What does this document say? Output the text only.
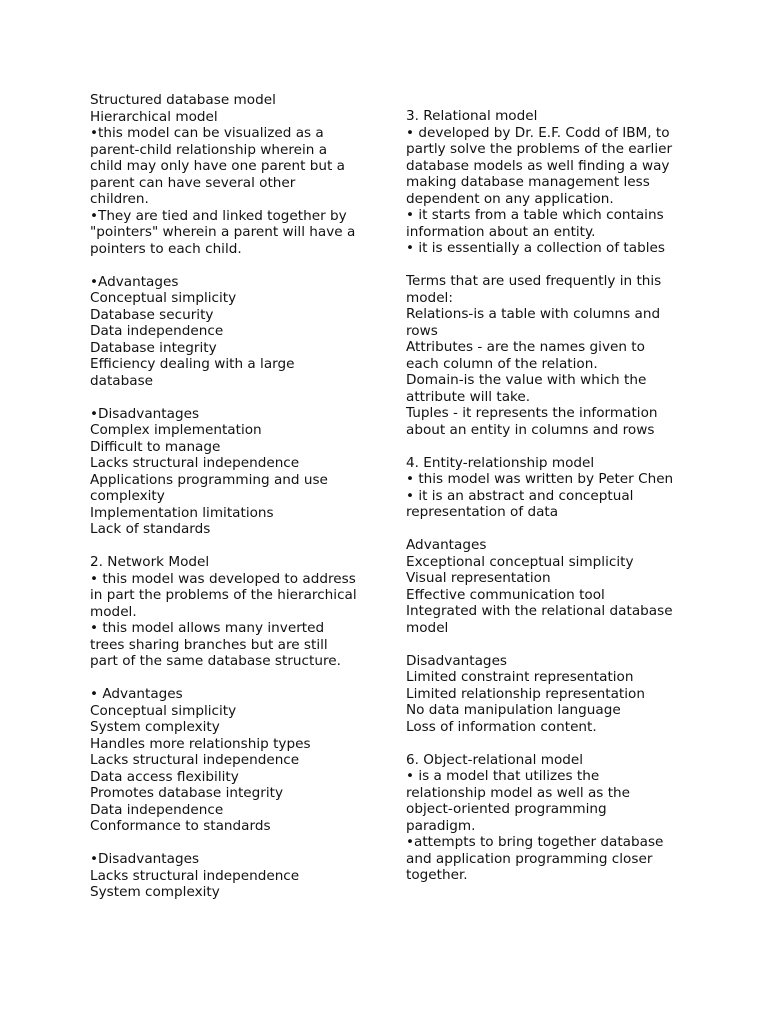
Structured database model
Hierarchical model
•this model can be visualized as a
parent-child relationship wherein a
child may only have one parent but a
parent can have several other
children.
•They are tied and linked together by
"pointers" wherein a parent will have a
pointers to each child.
•Advantages
Conceptual simplicity
Database security
Data independence
Database integrity
Efficiency dealing with a large
database
•Disadvantages
Complex implementation
Difficult to manage
Lacks structural independence
Applications programming and use
complexity
Implementation limitations
Lack of standards
2. Network Model
• this model was developed to address
in part the problems of the hierarchical
model.
• this model allows many inverted
trees sharing branches but are still
part of the same database structure.
• Advantages
Conceptual simplicity
System complexity
Handles more relationship types
Lacks structural independence
Data access flexibility
Promotes database integrity
Data independence
Conformance to standards
•Disadvantages
Lacks structural independence
System complexity
3. Relational model
• developed by Dr. E.F. Codd of IBM, to
partly solve the problems of the earlier
database models as well finding a way
making database management less
dependent on any application.
• it starts from a table which contains
information about an entity.
• it is essentially a collection of tables
Terms that are used frequently in this
model:
Relations-is a table with columns and
rows
Attributes - are the names given to
each column of the relation.
Domain-is the value with which the
attribute will take.
Tuples - it represents the information
about an entity in columns and rows
4. Entity-relationship model
• this model was written by Peter Chen
• it is an abstract and conceptual
representation of data
Advantages
Exceptional conceptual simplicity
Visual representation
Effective communication tool
Integrated with the relational database
model
Disadvantages
Limited constraint representation
Limited relationship representation
No data manipulation language
Loss of information content.
6. Object-relational model
• is a model that utilizes the
relationship model as well as the
object-oriented programming
paradigm.
•attempts to bring together database
and application programming closer
together.
